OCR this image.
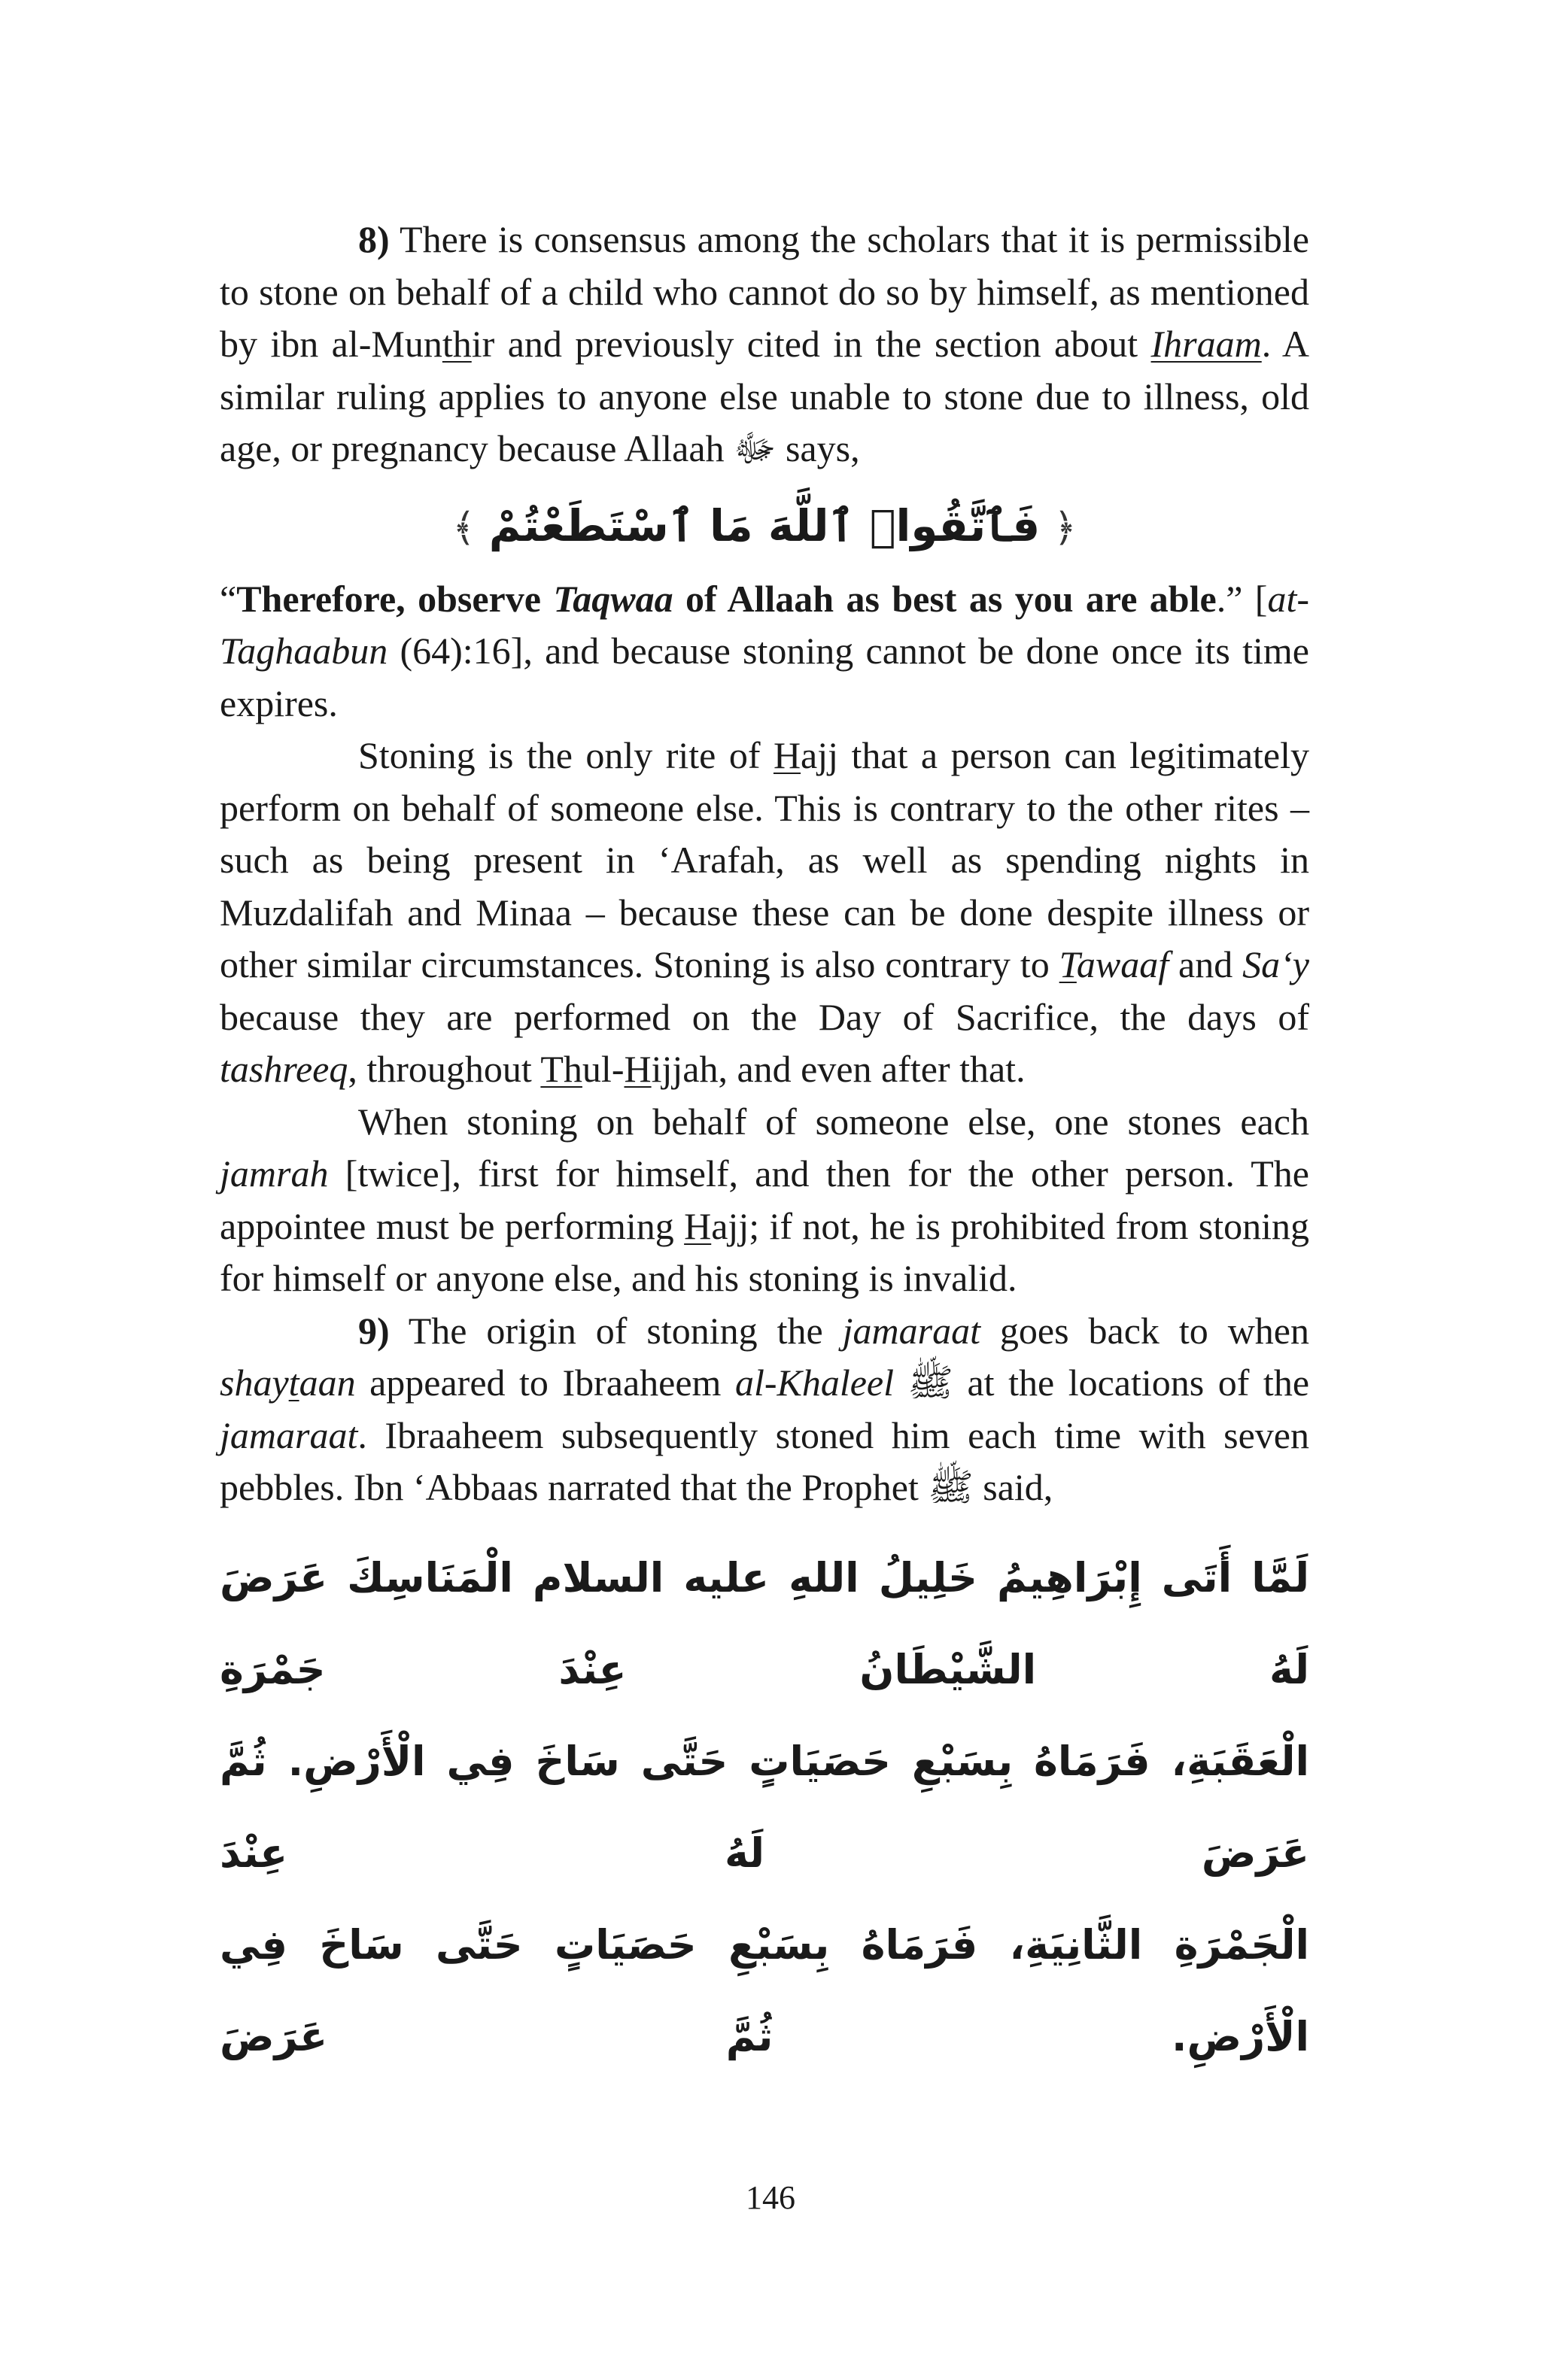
8) There is consensus among the scholars that it is permissible to stone on behalf of a child who cannot do so by himself, as mentioned by ibn al-Munthir and previously cited in the section about Ihraam. A similar ruling applies to anyone else unable to stone due to illness, old age, or pregnancy because Allaah ﷻ says,

﴿فَٱتَّقُوا۟ ٱللَّهَ مَا ٱسْتَطَعْتُمْ﴾

“Therefore, observe Taqwaa of Allaah as best as you are able.” [at-Taghaabun (64):16], and because stoning cannot be done once its time expires.

Stoning is the only rite of Hajj that a person can legitimately perform on behalf of someone else. This is contrary to the other rites – such as being present in ‘Arafah, as well as spending nights in Muzdalifah and Minaa – because these can be done despite illness or other similar circumstances. Stoning is also contrary to Tawaaf and Sa‘y because they are performed on the Day of Sacrifice, the days of tashreeq, throughout Thul-Hijjah, and even after that.

When stoning on behalf of someone else, one stones each jamrah [twice], first for himself, and then for the other person. The appointee must be performing Hajj; if not, he is prohibited from stoning for himself or anyone else, and his stoning is invalid.

9) The origin of stoning the jamaraat goes back to when shaytaan appeared to Ibraaheem al-Khaleel ﷺ at the locations of the jamaraat. Ibraaheem subsequently stoned him each time with seven pebbles. Ibn ‘Abbaas narrated that the Prophet ﷺ said,

لَمَّا أَتَى إِبْرَاهِيمُ خَلِيلُ اللهِ عليه السلام الْمَنَاسِكَ عَرَضَ لَهُ الشَّيْطَانُ عِنْدَ جَمْرَةِ
الْعَقَبَةِ، فَرَمَاهُ بِسَبْعِ حَصَيَاتٍ حَتَّى سَاخَ فِي الْأَرْضِ. ثُمَّ عَرَضَ لَهُ عِنْدَ
الْجَمْرَةِ الثَّانِيَةِ، فَرَمَاهُ بِسَبْعِ حَصَيَاتٍ حَتَّى سَاخَ فِي الْأَرْضِ. ثُمَّ عَرَضَ
146
